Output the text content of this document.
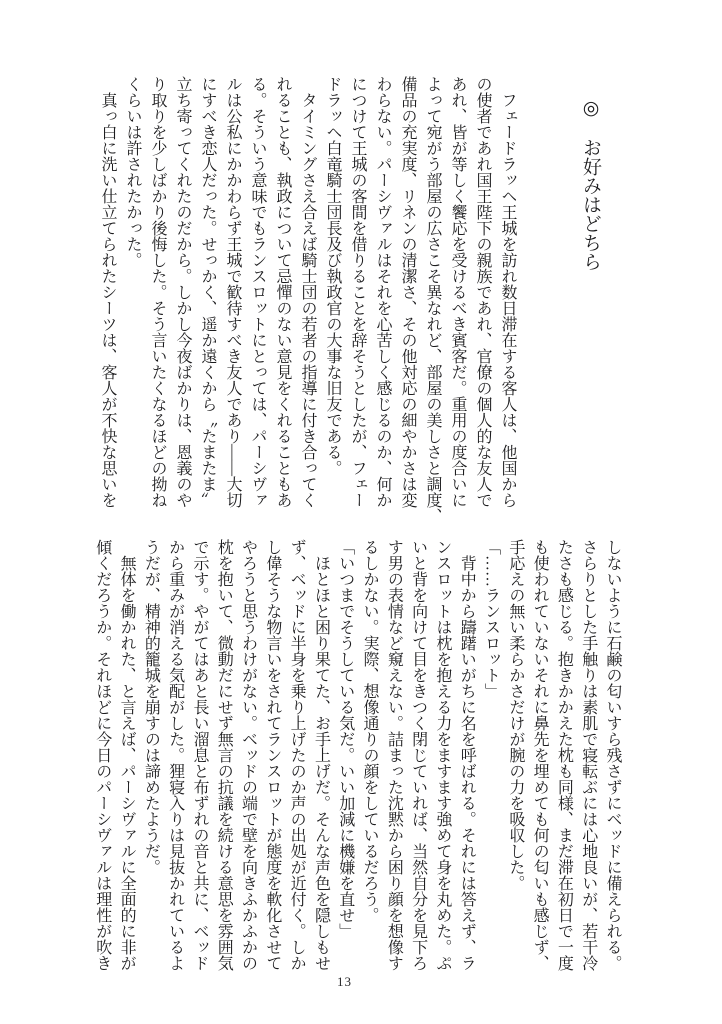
◎　お好みはどちら

　フェードラッヘ王城を訪れ数日滞在する客人は、他国から

の使者であれ国王陛下の親族であれ、官僚の個人的な友人で

あれ、皆が等しく饗応を受けるべき賓客だ。重用の度合いに

よって宛がう部屋の広さこそ異なれど、部屋の美しさと調度、

備品の充実度、リネンの清潔さ、その他対応の細やかさは変

わらない。パーシヴァルはそれを心苦しく感じるのか、何か

につけて王城の客間を借りることを辞そうとしたが、フェー

ドラッヘ白竜騎士団長及び執政官の大事な旧友である。

　タイミングさえ合えば騎士団の若者の指導に付き合ってく

れることも、執政について忌憚のない意見をくれることもあ

る。そういう意味でもランスロットにとっては、パーシヴァ

ルは公私にかかわらず王城で歓待すべき友人であり――大切

にすべき恋人だった。せっかく、遥か遠くから〝たまたま〟

立ち寄ってくれたのだから。しかし今夜ばかりは、恩義のや

り取りを少しばかり後悔した。そう言いたくなるほどの拗ね

くらいは許されたかった。

　真っ白に洗い仕立てられたシーツは、客人が不快な思いを

しないように石鹸の匂いすら残さずにベッドに備えられる。

さらりとした手触りは素肌で寝転ぶには心地良いが、若干冷

たさも感じる。抱きかかえた枕も同様、まだ滞在初日で一度

も使われていないそれに鼻先を埋めても何の匂いも感じず、

手応えの無い柔らかさだけが腕の力を吸収した。

「……ランスロット」

　背中から躊躇いがちに名を呼ばれる。それには答えず、ラ

ンスロットは枕を抱える力をますます強めて身を丸めた。ぷ

いと背を向けて目をきつく閉じていれば、当然自分を見下ろ

す男の表情など窺えない。詰まった沈黙から困り顔を想像す

るしかない。実際、想像通りの顔をしているだろう。

「いつまでそうしている気だ。いい加減に機嫌を直せ」

　ほとほと困り果てた、お手上げだ。そんな声色を隠しもせ

ず、ベッドに半身を乗り上げたのか声の出処が近付く。しか

し偉そうな物言いをされてランスロットが態度を軟化させて

やろうと思うわけがない。ベッドの端で壁を向きふかふかの

枕を抱いて、微動だにせず無言の抗議を続ける意思を雰囲気

で示す。やがてはあと長い溜息と布ずれの音と共に、ベッド

から重みが消える気配がした。狸寝入りは見抜かれているよ

うだが、精神的籠城を崩すのは諦めたようだ。

　無体を働かれた、と言えば、パーシヴァルに全面的に非が

傾くだろうか。それほどに今日のパーシヴァルは理性が吹き

13
